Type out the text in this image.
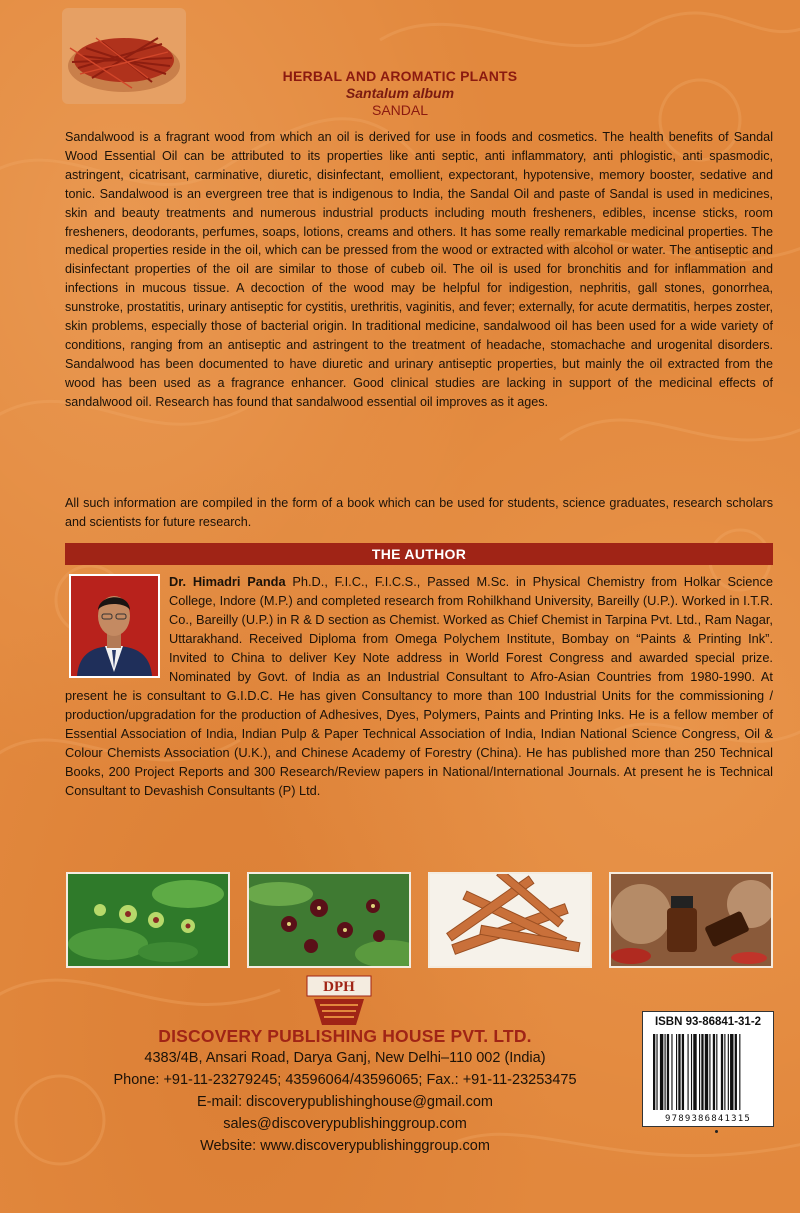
HERBAL AND AROMATIC PLANTS
Santalum album
SANDAL

Sandalwood is a fragrant wood from which an oil is derived for use in foods and cosmetics. The health benefits of Sandal Wood Essential Oil can be attributed to its properties like anti septic, anti inflammatory, anti phlogistic, anti spasmodic, astringent, cicatrisant, carminative, diuretic, disinfectant, emollient, expectorant, hypotensive, memory booster, sedative and tonic. Sandalwood is an evergreen tree that is indigenous to India, the Sandal Oil and paste of Sandal is used in medicines, skin and beauty treatments and numerous industrial products including mouth fresheners, edibles, incense sticks, room fresheners, deodorants, perfumes, soaps, lotions, creams and others. It has some really remarkable medicinal properties. The medical properties reside in the oil, which can be pressed from the wood or extracted with alcohol or water. The antiseptic and disinfectant properties of the oil are similar to those of cubeb oil. The oil is used for bronchitis and for inflammation and infections in mucous tissue. A decoction of the wood may be helpful for indigestion, nephritis, gall stones, gonorrhea, sunstroke, prostatitis, urinary antiseptic for cystitis, urethritis, vaginitis, and fever; externally, for acute dermatitis, herpes zoster, skin problems, especially those of bacterial origin. In traditional medicine, sandalwood oil has been used for a wide variety of conditions, ranging from an antiseptic and astringent to the treatment of headache, stomachache and urogenital disorders. Sandalwood has been documented to have diuretic and urinary antiseptic properties, but mainly the oil extracted from the wood has been used as a fragrance enhancer. Good clinical studies are lacking in support of the medicinal effects of sandalwood oil. Research has found that sandalwood essential oil improves as it ages.

All such information are compiled in the form of a book which can be used for students, science graduates, research scholars and scientists for future research.

THE AUTHOR
Dr. Himadri Panda Ph.D., F.I.C., F.I.C.S., Passed M.Sc. in Physical Chemistry from Holkar Science College, Indore (M.P.) and completed research from Rohilkhand University, Bareilly (U.P.). Worked in I.T.R. Co., Bareilly (U.P.) in R & D section as Chemist. Worked as Chief Chemist in Tarpina Pvt. Ltd., Ram Nagar, Uttarakhand. Received Diploma from Omega Polychem Institute, Bombay on “Paints & Printing Ink”. Invited to China to deliver Key Note address in World Forest Congress and awarded special prize. Nominated by Govt. of India as an Industrial Consultant to Afro-Asian Countries from 1980-1990. At present he is consultant to G.I.D.C. He has given Consultancy to more than 100 Industrial Units for the commissioning / production/upgradation for the production of Adhesives, Dyes, Polymers, Paints and Printing Inks. He is a fellow member of Essential Association of India, Indian Pulp & Paper Technical Association of India, Indian National Science Congress, Oil & Colour Chemists Association (U.K.), and Chinese Academy of Forestry (China). He has published more than 250 Technical Books, 200 Project Reports and 300 Research/Review papers in National/International Journals. At present he is Technical Consultant to Devashish Consultants (P) Ltd.
DPH
DISCOVERY PUBLISHING HOUSE PVT. LTD.
4383/4B, Ansari Road, Darya Ganj, New Delhi–110 002 (India)
Phone: +91-11-23279245; 43596064/43596065; Fax.: +91-11-23253475
E-mail: discoverypublishinghouse@gmail.com
sales@discoverypublishinggroup.com
Website: www.discoverypublishinggroup.com
ISBN 93-86841-31-2
9789386841315
